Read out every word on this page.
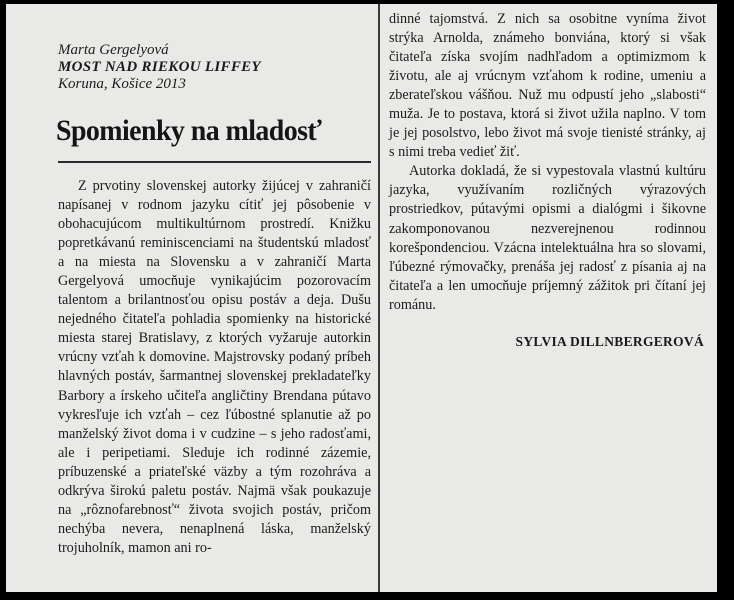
Marta Gergelyová

MOST NAD RIEKOU LIFFEY

Koruna, Košice 2013

Spomienky na mladosť

Z prvotiny slovenskej autorky žijúcej v zahraničí napísanej v rodnom jazyku cítiť jej pôsobenie v obohacujúcom multikultúrnom prostredí. Knižku popretkávanú reminiscenciami na študentskú mladosť a na miesta na Slovensku a v zahraničí Marta Gergelyová umocňuje vynikajúcim pozorovacím talentom a brilantnosťou opisu postáv a deja. Dušu nejedného čitateľa pohladia spomienky na historické miesta starej Bratislavy, z ktorých vyžaruje autorkin vrúcny vzťah k domovine. Majstrovsky podaný príbeh hlavných postáv, šarmantnej slovenskej prekladateľky Barbory a írskeho učiteľa angličtiny Brendana pútavo vykresľuje ich vzťah – cez ľúbostné splanutie až po manželský život doma i v cudzine – s jeho radosťami, ale i peripetiami. Sleduje ich rodinné zázemie, príbuzenské a priateľské väzby a tým rozohráva a odkrýva širokú paletu postáv. Najmä však poukazuje na „rôznofarebnosť“ života svojich postáv, pričom nechýba nevera, nenaplnená láska, manželský trojuholník, mamon ani ro-

dinné tajomstvá. Z nich sa osobitne vyníma život strýka Arnolda, známeho bonviána, ktorý si však čitateľa získa svojím nadhľadom a optimizmom k životu, ale aj vrúcnym vzťahom k rodine, umeniu a zberateľskou vášňou. Nuž mu odpustí jeho „slabosti“ muža. Je to postava, ktorá si život užila naplno. V tom je jej posolstvo, lebo život má svoje tienisté stránky, aj s nimi treba vedieť žiť.

Autorka dokladá, že si vypestovala vlastnú kultúru jazyka, využívaním rozličných výrazových prostriedkov, pútavými opismi a dialógmi i šikovne zakomponovanou nezverejnenou rodinnou korešpondenciou. Vzácna intelektuálna hra so slovami, ľúbezné rýmovačky, prenáša jej radosť z písania aj na čitateľa a len umocňuje príjemný zážitok pri čítaní jej románu.

SYLVIA DILLNBERGEROVÁ
